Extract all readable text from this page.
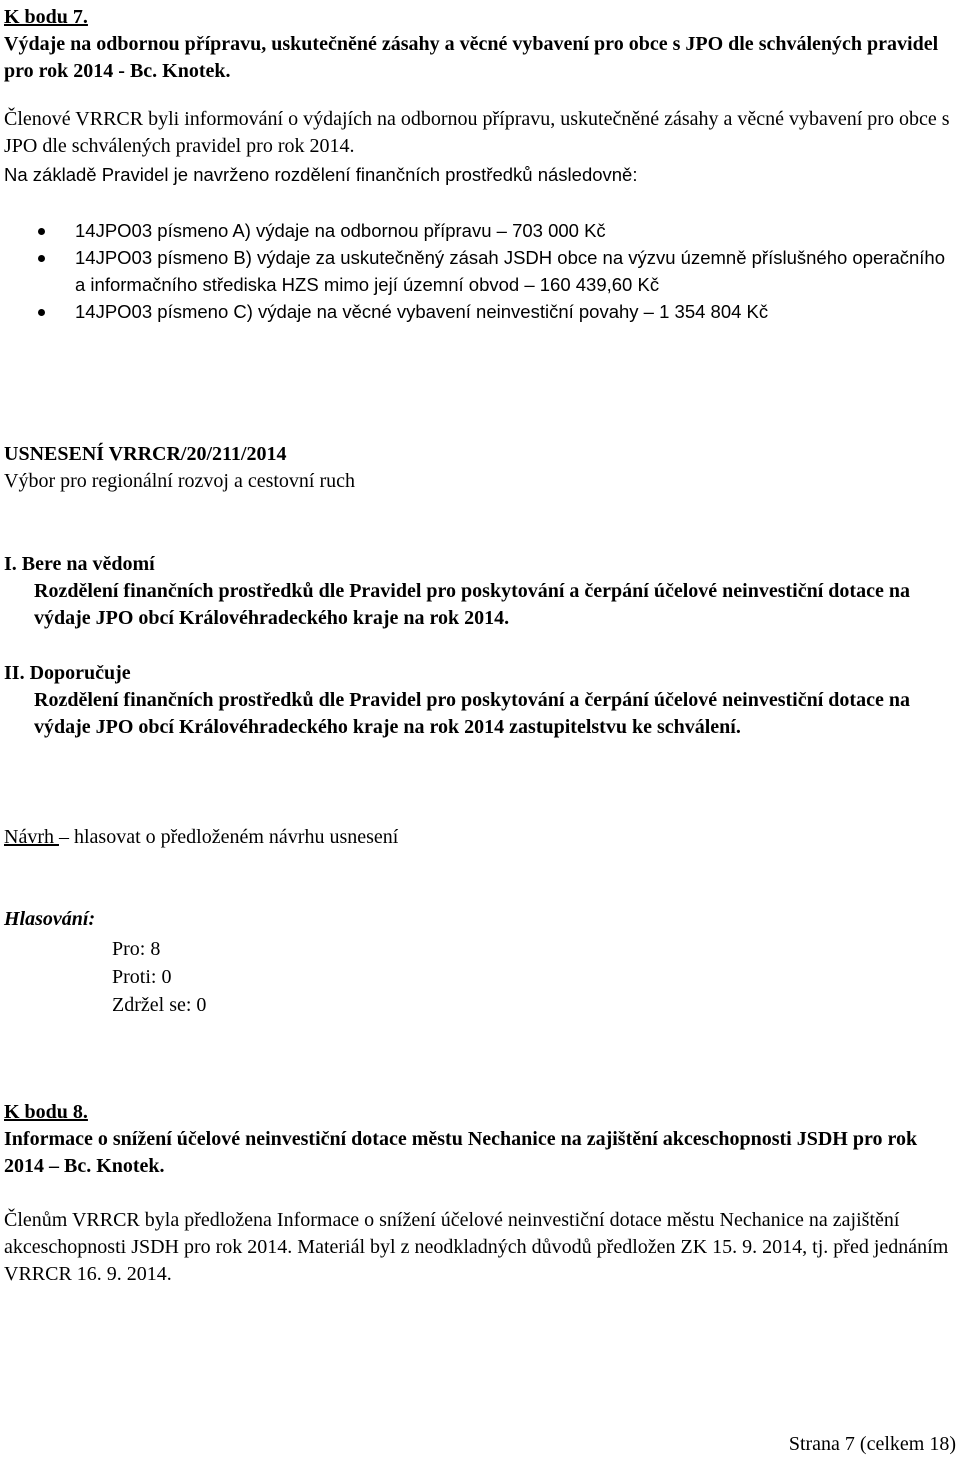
K bodu 7.
Výdaje na odbornou přípravu, uskutečněné zásahy a věcné vybavení pro obce s JPO dle schválených pravidel pro rok 2014 - Bc. Knotek.
Členové VRRCR byli informování o výdajích na odbornou přípravu, uskutečněné zásahy a věcné vybavení pro obce s JPO dle schválených pravidel pro rok 2014.
Na základě Pravidel je navrženo rozdělení finančních prostředků následovně:
14JPO03 písmeno A) výdaje na odbornou přípravu – 703 000 Kč
14JPO03 písmeno B) výdaje za uskutečněný zásah JSDH obce na výzvu územně příslušného operačního a informačního střediska HZS mimo její územní obvod – 160 439,60 Kč
14JPO03 písmeno C) výdaje na věcné vybavení neinvestiční povahy – 1 354 804 Kč
USNESENÍ VRRCR/20/211/2014
Výbor pro regionální rozvoj a cestovní ruch
I. Bere na vědomí
Rozdělení finančních prostředků dle Pravidel pro poskytování a čerpání účelové neinvestiční dotace na výdaje JPO obcí Královéhradeckého kraje na rok 2014.
II. Doporučuje
Rozdělení finančních prostředků dle Pravidel pro poskytování a čerpání účelové neinvestiční dotace na výdaje JPO obcí Královéhradeckého kraje na rok 2014 zastupitelstvu ke schválení.
Návrh – hlasovat o předloženém návrhu usnesení
Hlasování:
Pro: 8
Proti: 0
Zdržel se: 0
K bodu 8.
Informace o snížení účelové neinvestiční dotace městu Nechanice na zajištění akceschopnosti JSDH pro rok 2014 – Bc. Knotek.
Členům VRRCR byla předložena Informace o snížení účelové neinvestiční dotace městu Nechanice na zajištění akceschopnosti JSDH pro rok 2014. Materiál byl z neodkladných důvodů předložen ZK 15. 9. 2014, tj. před jednáním VRRCR 16. 9. 2014.
Strana 7 (celkem 18)
